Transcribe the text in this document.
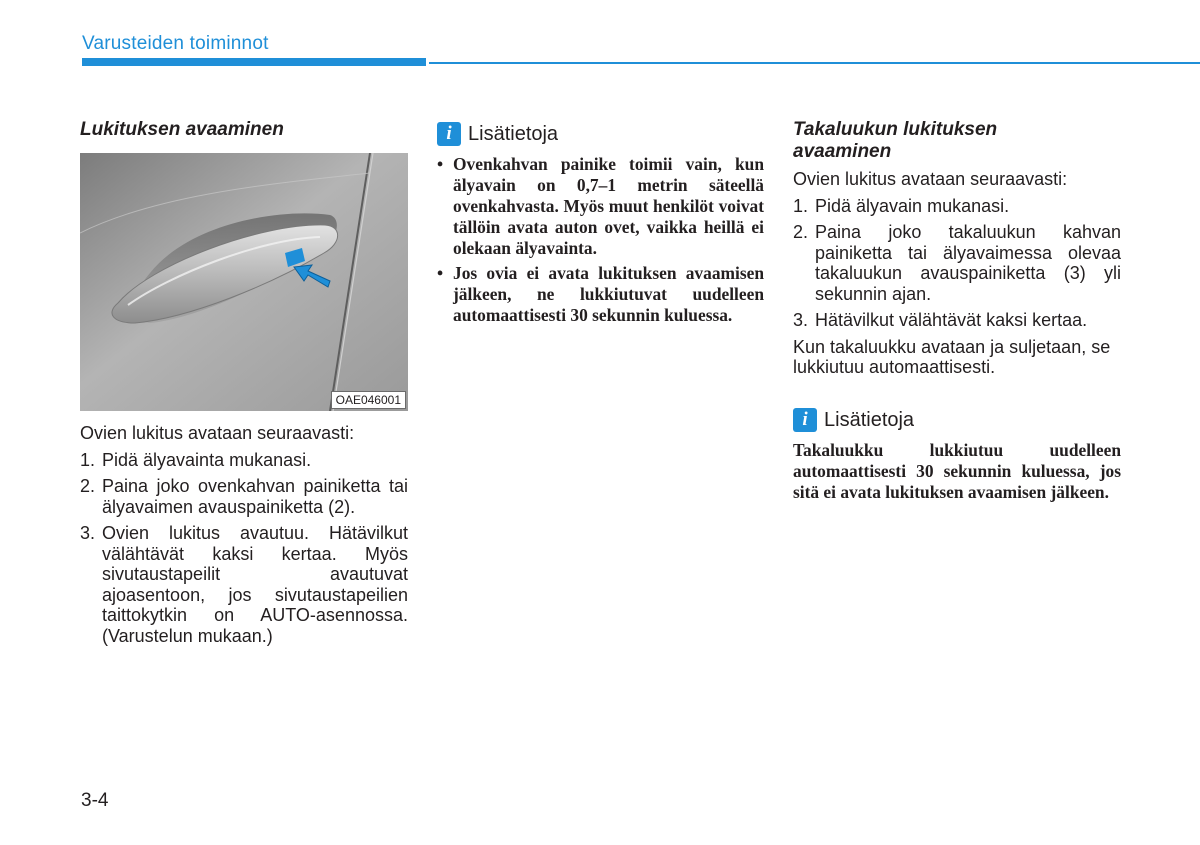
Varusteiden toiminnot
Lukituksen avaaminen
OAE046001

Ovien lukitus avataan seuraavasti:

1. Pidä älyavainta mukanasi.
2. Paina joko ovenkahvan painiketta tai älyavaimen avauspainiketta (2).
3. Ovien lukitus avautuu. Hätävilkut välähtävät kaksi kertaa. Myös sivutaustapeilit avautuvat ajoasentoon, jos sivutaustapeilien taittokytkin on AUTO-asennossa. (Varustelun mukaan.)
i Lisätietoja
• Ovenkahvan painike toimii vain, kun älyavain on 0,7–1 metrin säteellä ovenkahvasta. Myös muut henkilöt voivat tällöin avata auton ovet, vaikka heillä ei olekaan älyavainta.
• Jos ovia ei avata lukituksen avaamisen jälkeen, ne lukkiutuvat uudelleen automaattisesti 30 sekunnin kuluessa.
Takaluukun lukituksen avaaminen

Ovien lukitus avataan seuraavasti:

1. Pidä älyavain mukanasi.
2. Paina joko takaluukun kahvan painiketta tai älyavaimessa olevaa takaluukun avauspainiketta (3) yli sekunnin ajan.
3. Hätävilkut välähtävät kaksi kertaa.

Kun takaluukku avataan ja suljetaan, se lukkiutuu automaattisesti.

i Lisätietoja

Takaluukku lukkiutuu uudelleen automaattisesti 30 sekunnin kuluessa, jos sitä ei avata lukituksen avaamisen jälkeen.

3-4
